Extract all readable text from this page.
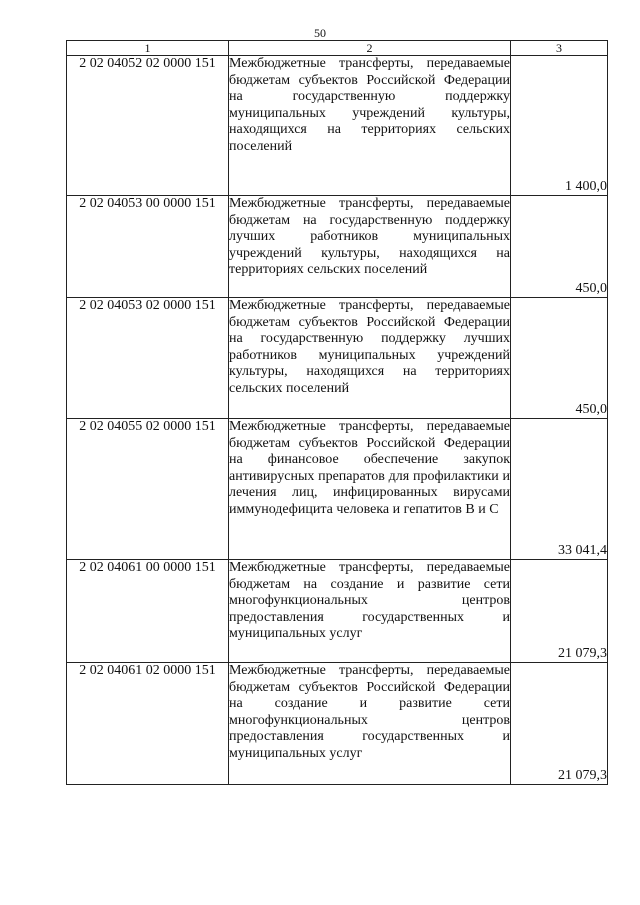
50
1	2	3
2 02 04052 02 0000 151	Межбюджетные трансферты, передаваемые бюджетам субъектов Российской Федерации на государственную поддержку муниципальных учреждений культуры, находящихся на территориях сельских поселений	1 400,0
2 02 04053 00 0000 151	Межбюджетные трансферты, передаваемые бюджетам на государственную поддержку лучших работников муниципальных учреждений культуры, находящихся на территориях сельских поселений	450,0
2 02 04053 02 0000 151	Межбюджетные трансферты, передаваемые бюджетам субъектов Российской Федерации на государственную поддержку лучших работников муниципальных учреждений культуры, находящихся на территориях сельских поселений	450,0
2 02 04055 02 0000 151	Межбюджетные трансферты, передаваемые бюджетам субъектов Российской Федерации на финансовое обеспечение закупок антивирусных препаратов для профилактики и лечения лиц, инфицированных вирусами иммунодефицита человека и гепатитов В и С	33 041,4
2 02 04061 00 0000 151	Межбюджетные трансферты, передаваемые бюджетам на создание и развитие сети многофункциональных центров предоставления государственных и муниципальных услуг	21 079,3
2 02 04061 02 0000 151	Межбюджетные трансферты, передаваемые бюджетам субъектов Российской Федерации на создание и развитие сети многофункциональных центров предоставления государственных и муниципальных услуг	21 079,3
